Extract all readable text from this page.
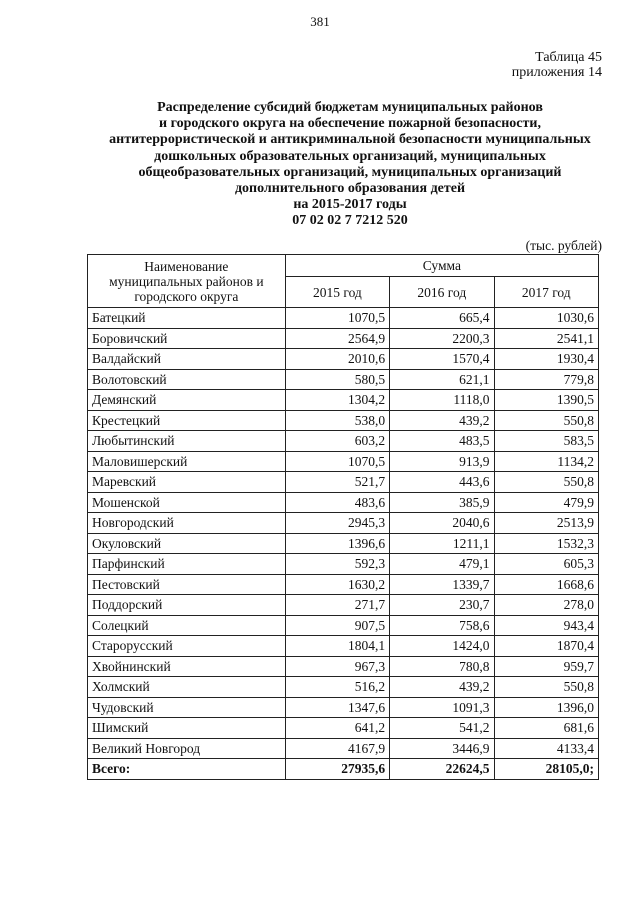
381
Таблица 45
приложения 14
Распределение субсидий бюджетам муниципальных районов
и городского округа на обеспечение пожарной безопасности,
антитеррористической и антикриминальной безопасности муниципальных
дошкольных образовательных организаций, муниципальных
общеобразовательных организаций, муниципальных организаций
дополнительного образования детей
на 2015-2017 годы
07 02 02 7 7212 520
(тыс. рублей)
Наименование
муниципальных районов и
городского округа	Сумма		
	2015 год	2016 год	2017 год
Батецкий	1070,5	665,4	1030,6
Боровичский	2564,9	2200,3	2541,1
Валдайский	2010,6	1570,4	1930,4
Волотовский	580,5	621,1	779,8
Демянский	1304,2	1118,0	1390,5
Крестецкий	538,0	439,2	550,8
Любытинский	603,2	483,5	583,5
Маловишерский	1070,5	913,9	1134,2
Маревский	521,7	443,6	550,8
Мошенской	483,6	385,9	479,9
Новгородский	2945,3	2040,6	2513,9
Окуловский	1396,6	1211,1	1532,3
Парфинский	592,3	479,1	605,3
Пестовский	1630,2	1339,7	1668,6
Поддорский	271,7	230,7	278,0
Солецкий	907,5	758,6	943,4
Старорусский	1804,1	1424,0	1870,4
Хвойнинский	967,3	780,8	959,7
Холмский	516,2	439,2	550,8
Чудовский	1347,6	1091,3	1396,0
Шимский	641,2	541,2	681,6
Великий Новгород	4167,9	3446,9	4133,4
Всего:	27935,6	22624,5	28105,0;
